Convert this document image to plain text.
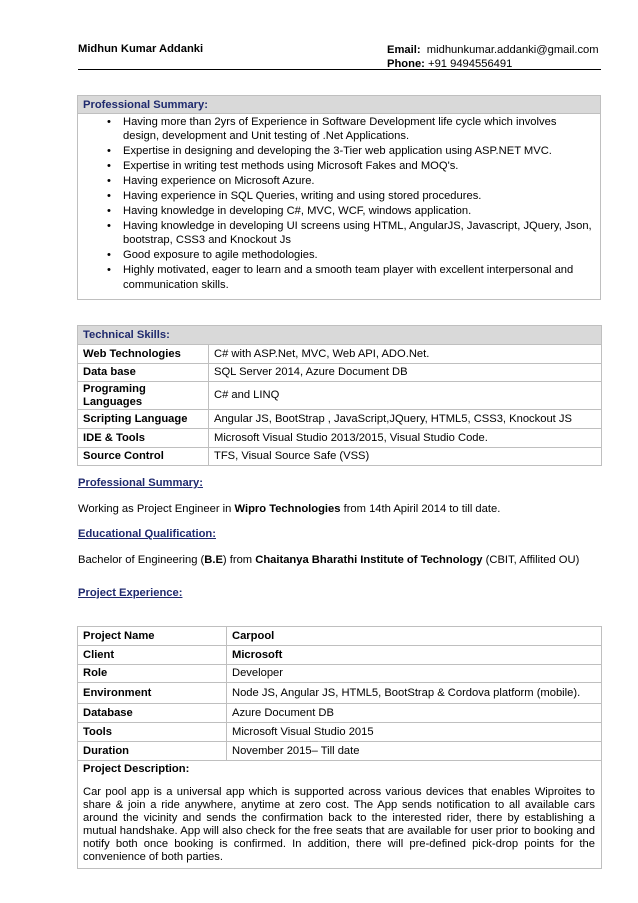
Midhun Kumar Addanki	Email: midhunkumar.addanki@gmail.com
Phone: +91 9494556491
Professional Summary:
• Having more than 2yrs of Experience in Software Development life cycle which involves design, development and Unit testing of .Net Applications.
• Expertise in designing and developing the 3-Tier web application using ASP.NET MVC.
• Expertise in writing test methods using Microsoft Fakes and MOQ's.
• Having experience on Microsoft Azure.
• Having experience in SQL Queries, writing and using stored procedures.
• Having knowledge in developing C#, MVC, WCF, windows application.
• Having knowledge in developing UI screens using HTML, AngularJS, Javascript, JQuery, Json, bootstrap, CSS3 and Knockout Js
• Good exposure to agile methodologies.
• Highly motivated, eager to learn and a smooth team player with excellent interpersonal and communication skills.
Technical Skills:	
Web Technologies	C# with ASP.Net, MVC, Web API, ADO.Net.
Data base	SQL Server 2014, Azure Document DB
Programing Languages	C# and LINQ
Scripting Language	Angular JS, BootStrap , JavaScript,JQuery, HTML5, CSS3, Knockout JS
IDE & Tools	Microsoft Visual Studio 2013/2015, Visual Studio Code.
Source Control	TFS, Visual Source Safe (VSS)
Professional Summary:
Working as Project Engineer in Wipro Technologies from 14th Apiril 2014 to till date.
Educational Qualification:
Bachelor of Engineering (B.E) from Chaitanya Bharathi Institute of Technology (CBIT, Affilited OU)
Project Experience:
Project Name	Carpool
Client	Microsoft
Role	Developer
Environment	Node JS, Angular JS, HTML5, BootStrap & Cordova platform (mobile).
Database	Azure Document DB
Tools	Microsoft Visual Studio 2015
Duration	November 2015– Till date

Project Description:
Car pool app is a universal app which is supported across various devices that enables Wiproites to share & join a ride anywhere, anytime at zero cost. The App sends notification to all available cars around the vicinity and sends the confirmation back to the interested rider, there by establishing a mutual handshake. App will also check for the free seats that are available for user prior to booking and notify both once booking is confirmed. In addition, there will pre-defined pick-drop points for the convenience of both parties.	
